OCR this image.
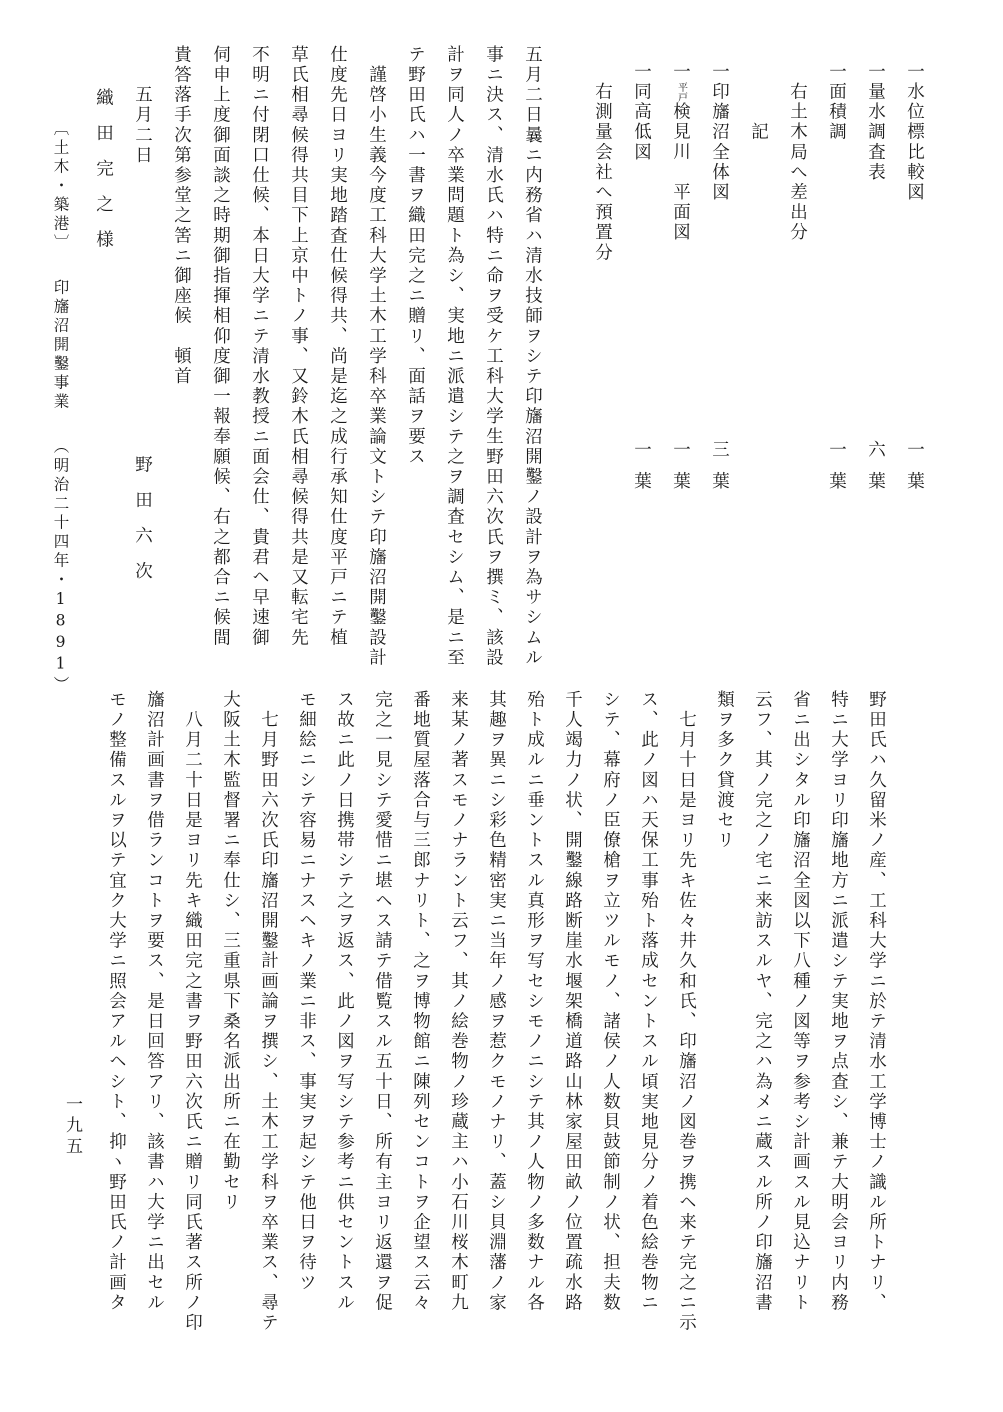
一水位標比較図
一葉
一量水調査表
六葉
一面積調
一葉
　右土木局へ差出分
　　　記
一印旛沼全体図
三葉
一平戸検見川　平面図
一葉
一同高低図
一葉
　右測量会社へ預置分
五月二日曩ニ内務省ハ清水技師ヲシテ印旛沼開鑿ノ設計ヲ為サシムル
事ニ決ス、清水氏ハ特ニ命ヲ受ケ工科大学生野田六次氏ヲ撰ミ、該設
計ヲ同人ノ卒業問題ト為シ、実地ニ派遣シテ之ヲ調査セシム、是ニ至
テ野田氏ハ一書ヲ織田完之ニ贈リ、面話ヲ要ス
　謹啓小生義今度工科大学土木工学科卒業論文トシテ印旛沼開鑿設計
仕度先日ヨリ実地踏査仕候得共、尚是迄之成行承知仕度平戸ニテ植
草氏相尋候得共目下上京中トノ事、又鈴木氏相尋候得共是又転宅先
不明ニ付閉口仕候、本日大学ニテ清水教授ニ面会仕、貴君ヘ早速御
伺申上度御面談之時期御指揮相仰度御一報奉願候、右之都合ニ候間
貴答落手次第参堂之筈ニ御座候　頓首
　　五月二日
野田六次
織田完之様
〔土木・築港〕印旛沼開鑿事業（明治二十四年・1891）
野田氏ハ久留米ノ産、工科大学ニ於テ清水工学博士ノ識ル所トナリ、
特ニ大学ヨリ印旛地方ニ派遣シテ実地ヲ点査シ、兼テ大明会ヨリ内務
省ニ出シタル印旛沼全図以下八種ノ図等ヲ参考シ計画スル見込ナリト
云フ、其ノ完之ノ宅ニ来訪スルヤ、完之ハ為メニ蔵スル所ノ印旛沼書
類ヲ多ク貸渡セリ
　七月十日是ヨリ先キ佐々井久和氏、印旛沼ノ図巻ヲ携ヘ来テ完之ニ示
ス、此ノ図ハ天保工事殆ト落成セントスル頃実地見分ノ着色絵巻物ニ
シテ、幕府ノ臣僚槍ヲ立ツルモノ、諸侯ノ人数貝鼓節制ノ状、担夫数
千人竭力ノ状、開鑿線路断崖水堰架橋道路山林家屋田畝ノ位置疏水路
殆ト成ルニ垂ントスル真形ヲ写セシモノニシテ其ノ人物ノ多数ナル各
其趣ヲ異ニシ彩色精密実ニ当年ノ感ヲ惹クモノナリ、蓋シ貝淵藩ノ家
来某ノ著スモノナラント云フ、其ノ絵巻物ノ珍蔵主ハ小石川桜木町九
番地質屋落合与三郎ナリト、之ヲ博物館ニ陳列センコトヲ企望ス云々
完之一見シテ愛惜ニ堪ヘス請テ借覧スル五十日、所有主ヨリ返還ヲ促
ス故ニ此ノ日携帯シテ之ヲ返ス、此ノ図ヲ写シテ参考ニ供セントスル
モ細絵ニシテ容易ニナスヘキノ業ニ非ス、事実ヲ起シテ他日ヲ待ツ
　七月野田六次氏印旛沼開鑿計画論ヲ撰シ、土木工学科ヲ卒業ス、尋テ
大阪土木監督署ニ奉仕シ、三重県下桑名派出所ニ在勤セリ
　八月二十日是ヨリ先キ織田完之書ヲ野田六次氏ニ贈リ同氏著ス所ノ印
旛沼計画書ヲ借ランコトヲ要ス、是日回答アリ、該書ハ大学ニ出セル
モノ整備スルヲ以テ宜ク大学ニ照会アルヘシト、抑ヽ野田氏ノ計画タ
一九五
